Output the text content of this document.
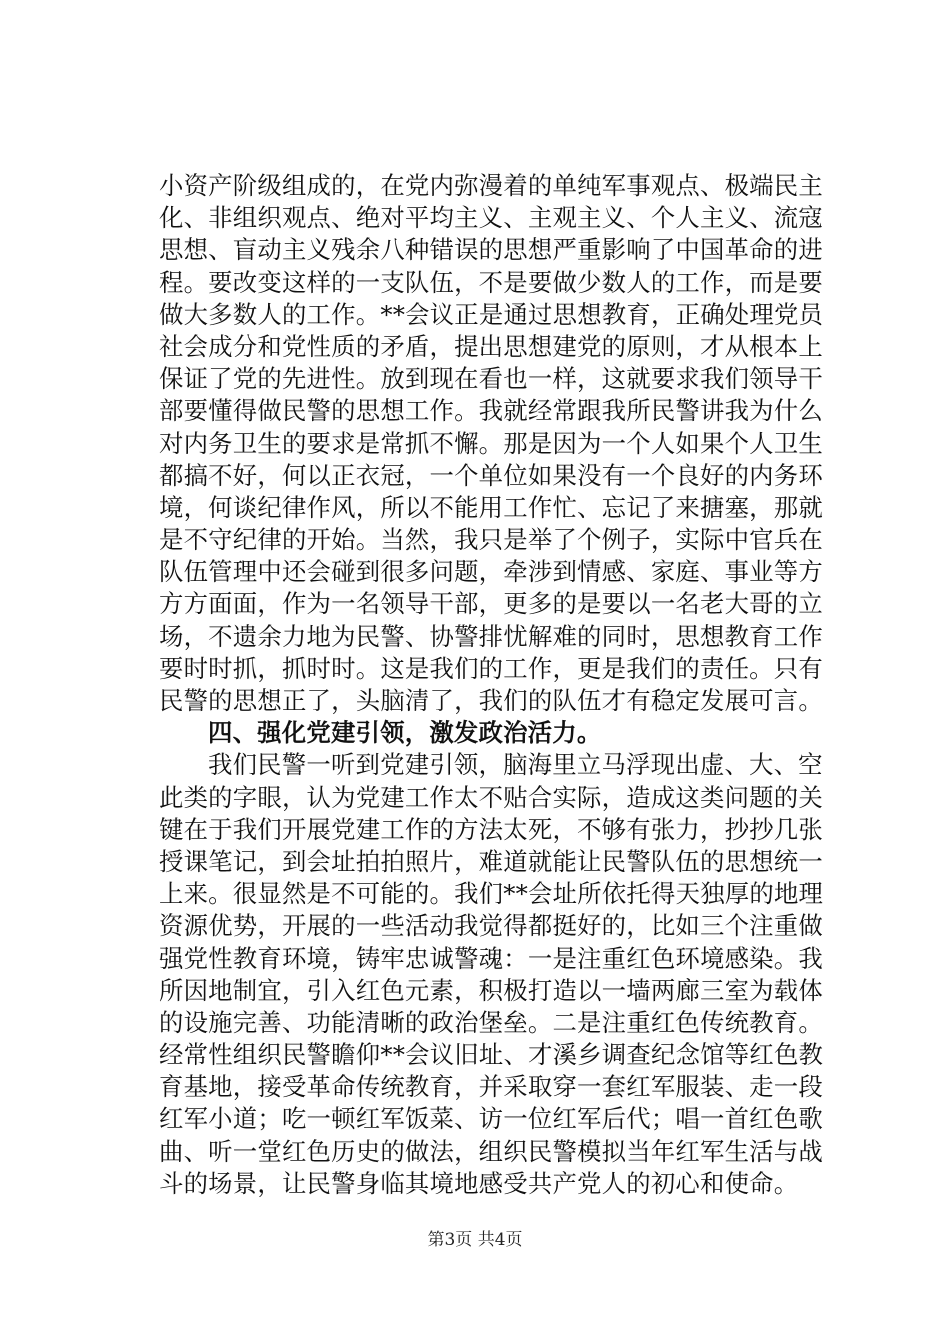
小资产阶级组成的，在党内弥漫着的单纯军事观点、极端民主
化、非组织观点、绝对平均主义、主观主义、个人主义、流寇
思想、盲动主义残余八种错误的思想严重影响了中国革命的进
程。要改变这样的一支队伍，不是要做少数人的工作，而是要
做大多数人的工作。**会议正是通过思想教育，正确处理党员
社会成分和党性质的矛盾，提出思想建党的原则，才从根本上
保证了党的先进性。放到现在看也一样，这就要求我们领导干
部要懂得做民警的思想工作。我就经常跟我所民警讲我为什么
对内务卫生的要求是常抓不懈。那是因为一个人如果个人卫生
都搞不好，何以正衣冠，一个单位如果没有一个良好的内务环
境，何谈纪律作风，所以不能用工作忙、忘记了来搪塞，那就
是不守纪律的开始。当然，我只是举了个例子，实际中官兵在
队伍管理中还会碰到很多问题，牵涉到情感、家庭、事业等方
方方面面，作为一名领导干部，更多的是要以一名老大哥的立
场，不遗余力地为民警、协警排忧解难的同时，思想教育工作
要时时抓，抓时时。这是我们的工作，更是我们的责任。只有
民警的思想正了，头脑清了，我们的队伍才有稳定发展可言。
四、强化党建引领，激发政治活力。
我们民警一听到党建引领，脑海里立马浮现出虚、大、空
此类的字眼，认为党建工作太不贴合实际，造成这类问题的关
键在于我们开展党建工作的方法太死，不够有张力，抄抄几张
授课笔记，到会址拍拍照片，难道就能让民警队伍的思想统一
上来。很显然是不可能的。我们**会址所依托得天独厚的地理
资源优势，开展的一些活动我觉得都挺好的，比如三个注重做
强党性教育环境，铸牢忠诚警魂：一是注重红色环境感染。我
所因地制宜，引入红色元素，积极打造以一墙两廊三室为载体
的设施完善、功能清晰的政治堡垒。二是注重红色传统教育。
经常性组织民警瞻仰**会议旧址、才溪乡调查纪念馆等红色教
育基地，接受革命传统教育，并采取穿一套红军服装、走一段
红军小道；吃一顿红军饭菜、访一位红军后代；唱一首红色歌
曲、听一堂红色历史的做法，组织民警模拟当年红军生活与战
斗的场景，让民警身临其境地感受共产党人的初心和使命。
第3页 共4页
